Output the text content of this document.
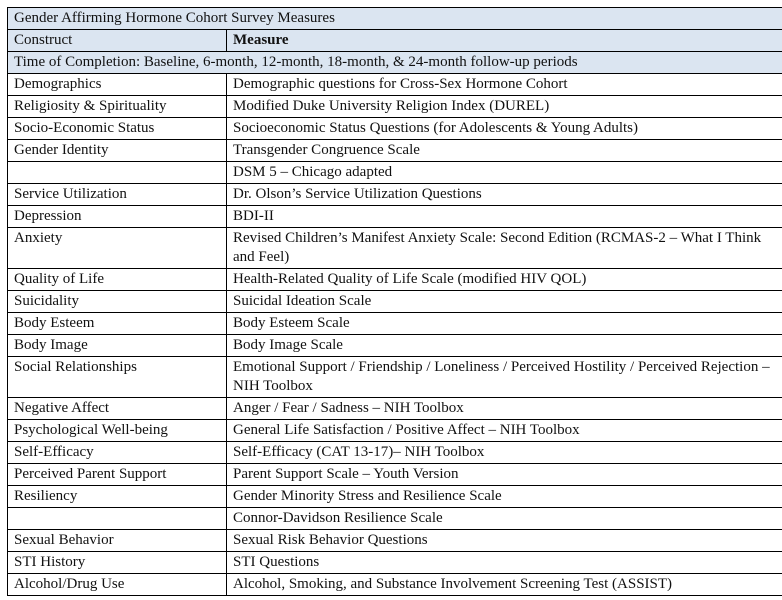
Gender Affirming Hormone Cohort Survey Measures	
Construct	Measure
Time of Completion: Baseline, 6-month, 12-month, 18-month, & 24-month follow-up periods	
Demographics	Demographic questions for Cross-Sex Hormone Cohort
Religiosity & Spirituality	Modified Duke University Religion Index (DUREL)
Socio-Economic Status	Socioeconomic Status Questions (for Adolescents & Young Adults)
Gender Identity	Transgender Congruence Scale
	DSM 5 – Chicago adapted
Service Utilization	Dr. Olson’s Service Utilization Questions
Depression	BDI-II
Anxiety	Revised Children’s Manifest Anxiety Scale: Second Edition (RCMAS-2 – What I Think and Feel)
Quality of Life	Health-Related Quality of Life Scale (modified HIV QOL)
Suicidality	Suicidal Ideation Scale
Body Esteem	Body Esteem Scale
Body Image	Body Image Scale
Social Relationships	Emotional Support / Friendship / Loneliness / Perceived Hostility / Perceived Rejection – NIH Toolbox
Negative Affect	Anger / Fear / Sadness – NIH Toolbox
Psychological Well-being	General Life Satisfaction / Positive Affect – NIH Toolbox
Self-Efficacy	Self-Efficacy (CAT 13-17)– NIH Toolbox
Perceived Parent Support	Parent Support Scale – Youth Version
Resiliency	Gender Minority Stress and Resilience Scale
	Connor-Davidson Resilience Scale
Sexual Behavior	Sexual Risk Behavior Questions
STI History	STI Questions
Alcohol/Drug Use	Alcohol, Smoking, and Substance Involvement Screening Test (ASSIST)
